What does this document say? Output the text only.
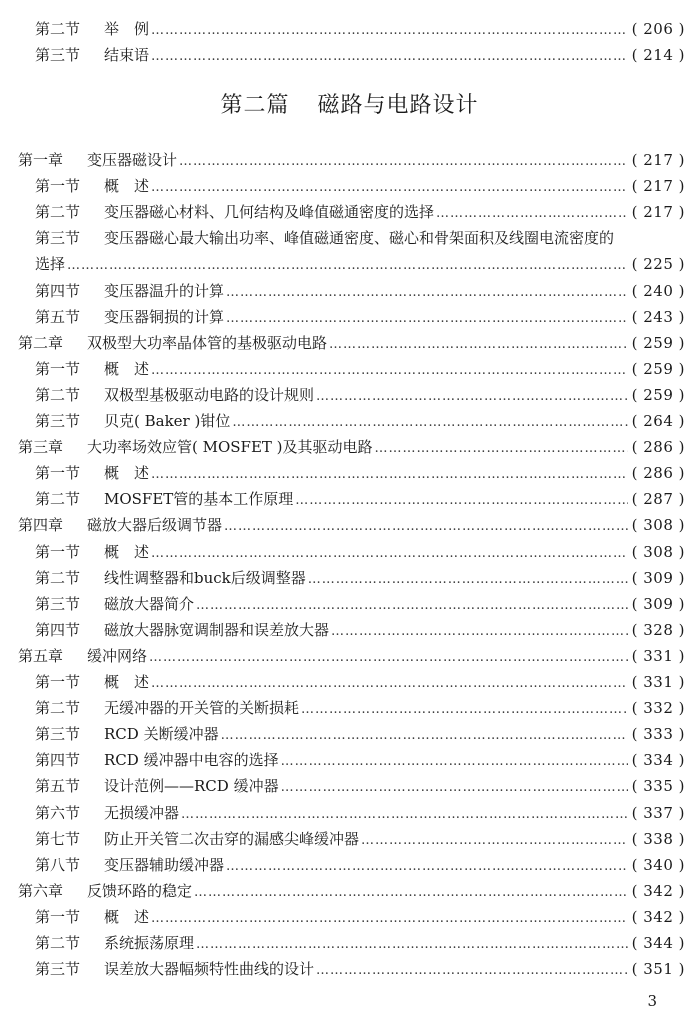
第二节	举　例 ……………………………………………………………………………………………………………………………………………………………………………………	( 206 )
第三节	结束语 ……………………………………………………………………………………………………………………………………………………………………………………	( 214 )
第二篇 磁路与电路设计
第一章	变压器磁设计 ……………………………………………………………………………………………………………………………………………………………………………………	( 217 )
第一节	概　述 ……………………………………………………………………………………………………………………………………………………………………………………	( 217 )
第二节	变压器磁心材料、几何结构及峰值磁通密度的选择 ……………………………………………………………………………………………………………………………………………………………………………………	( 217 )
第三节	变压器磁心最大输出功率、峰值磁通密度、磁心和骨架面积及线圈电流密度的
选择 ……………………………………………………………………………………………………………………………………………………………………………………	( 225 )
第四节	变压器温升的计算 ……………………………………………………………………………………………………………………………………………………………………………………	( 240 )
第五节	变压器铜损的计算 ……………………………………………………………………………………………………………………………………………………………………………………	( 243 )
第二章	双极型大功率晶体管的基极驱动电路 ……………………………………………………………………………………………………………………………………………………………………………………	( 259 )
第一节	概　述 ……………………………………………………………………………………………………………………………………………………………………………………	( 259 )
第二节	双极型基极驱动电路的设计规则 ……………………………………………………………………………………………………………………………………………………………………………………	( 259 )
第三节	贝克( Baker )钳位 ……………………………………………………………………………………………………………………………………………………………………………………	( 264 )
第三章	大功率场效应管( MOSFET )及其驱动电路 ……………………………………………………………………………………………………………………………………………………………………………………	( 286 )
第一节	概　述 ……………………………………………………………………………………………………………………………………………………………………………………	( 286 )
第二节	MOSFET管的基本工作原理 ……………………………………………………………………………………………………………………………………………………………………………………	( 287 )
第四章	磁放大器后级调节器 ……………………………………………………………………………………………………………………………………………………………………………………	( 308 )
第一节	概　述 ……………………………………………………………………………………………………………………………………………………………………………………	( 308 )
第二节	线性调整器和buck后级调整器 ……………………………………………………………………………………………………………………………………………………………………………………	( 309 )
第三节	磁放大器简介 ……………………………………………………………………………………………………………………………………………………………………………………	( 309 )
第四节	磁放大器脉宽调制器和误差放大器 ……………………………………………………………………………………………………………………………………………………………………………………	( 328 )
第五章	缓冲网络 ……………………………………………………………………………………………………………………………………………………………………………………	( 331 )
第一节	概　述 ……………………………………………………………………………………………………………………………………………………………………………………	( 331 )
第二节	无缓冲器的开关管的关断损耗 ……………………………………………………………………………………………………………………………………………………………………………………	( 332 )
第三节	RCD 关断缓冲器 ……………………………………………………………………………………………………………………………………………………………………………………	( 333 )
第四节	RCD 缓冲器中电容的选择 ……………………………………………………………………………………………………………………………………………………………………………………	( 334 )
第五节	设计范例——RCD 缓冲器 ……………………………………………………………………………………………………………………………………………………………………………………	( 335 )
第六节	无损缓冲器 ……………………………………………………………………………………………………………………………………………………………………………………	( 337 )
第七节	防止开关管二次击穿的漏感尖峰缓冲器 ……………………………………………………………………………………………………………………………………………………………………………………	( 338 )
第八节	变压器辅助缓冲器 ……………………………………………………………………………………………………………………………………………………………………………………	( 340 )
第六章	反馈环路的稳定 ……………………………………………………………………………………………………………………………………………………………………………………	( 342 )
第一节	概　述 ……………………………………………………………………………………………………………………………………………………………………………………	( 342 )
第二节	系统振荡原理 ……………………………………………………………………………………………………………………………………………………………………………………	( 344 )
第三节	误差放大器幅频特性曲线的设计 ……………………………………………………………………………………………………………………………………………………………………………………	( 351 )
3
